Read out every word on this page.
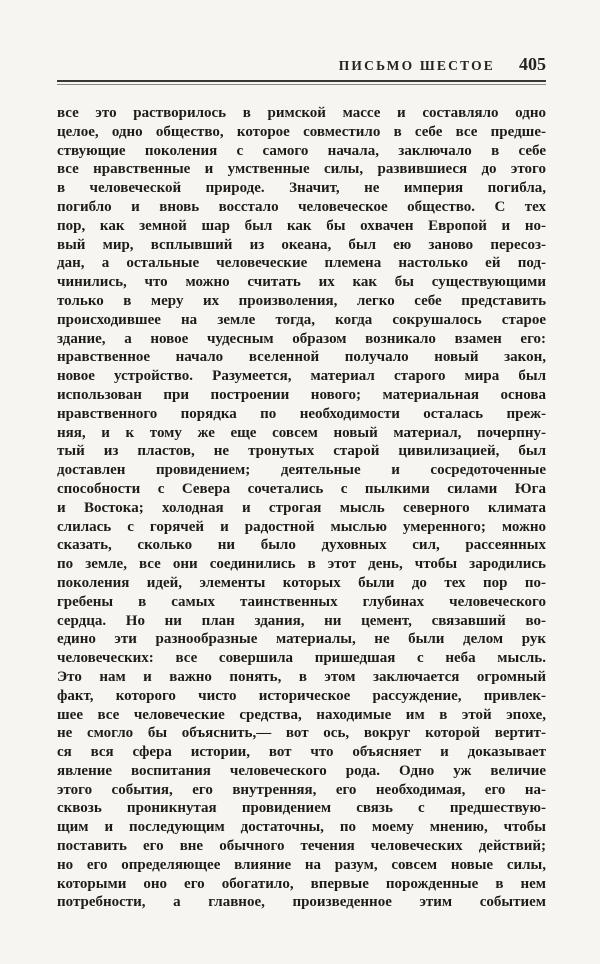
ПИСЬМО ШЕСТОЕ 405
все это растворилось в римской массе и составляло одно
целое, одно общество, которое совместило в себе все предше-
ствующие поколения с самого начала, заключало в себе
все нравственные и умственные силы, развившиеся до этого
в человеческой природе. Значит, не империя погибла,
погибло и вновь восстало человеческое общество. С тех
пор, как земной шар был как бы охвачен Европой и но-
вый мир, всплывший из океана, был ею заново пересоз-
дан, а остальные человеческие племена настолько ей под-
чинились, что можно считать их как бы существующими
только в меру их произволения, легко себе представить
происходившее на земле тогда, когда сокрушалось старое
здание, а новое чудесным образом возникало взамен его:
нравственное начало вселенной получало новый закон,
новое устройство. Разумеется, материал старого мира был
использован при построении нового; материальная основа
нравственного порядка по необходимости осталась преж-
няя, и к тому же еще совсем новый материал, почерпну-
тый из пластов, не тронутых старой цивилизацией, был
доставлен провидением; деятельные и сосредоточенные
способности с Севера сочетались с пылкими силами Юга
и Востока; холодная и строгая мысль северного климата
слилась с горячей и радостной мыслью умеренного; можно
сказать, сколько ни было духовных сил, рассеянных
по земле, все они соединились в этот день, чтобы зародились
поколения идей, элементы которых были до тех пор по-
гребены в самых таинственных глубинах человеческого
сердца. Но ни план здания, ни цемент, связавший во-
едино эти разнообразные материалы, не были делом рук
человеческих: все совершила пришедшая с неба мысль.
Это нам и важно понять, в этом заключается огромный
факт, которого чисто историческое рассуждение, привлек-
шее все человеческие средства, находимые им в этой эпохе,
не смогло бы объяснить,— вот ось, вокруг которой вертит-
ся вся сфера истории, вот что объясняет и доказывает
явление воспитания человеческого рода. Одно уж величие
этого события, его внутренняя, его необходимая, его на-
сквозь проникнутая провидением связь с предшествую-
щим и последующим достаточны, по моему мнению, чтобы
поставить его вне обычного течения человеческих действий;
но его определяющее влияние на разум, совсем новые силы,
которыми оно его обогатило, впервые порожденные в нем
потребности, а главное, произведенное этим событием
